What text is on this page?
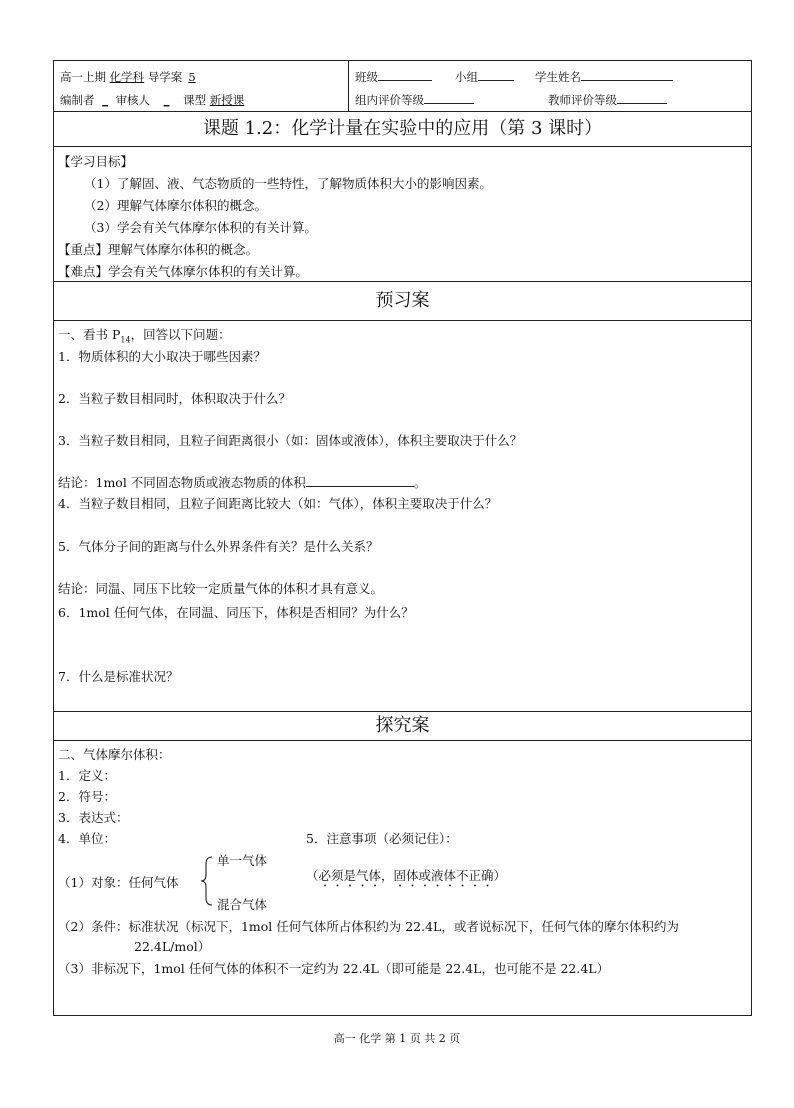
高一上期 化学科 导学案 5
编制者 _ 审核人 _ 课型 新授课
班级	小组	学生姓名
组内评价等级	教师评价等级
课题 1.2：化学计量在实验中的应用（第 3 课时）
【学习目标】
（1）了解固、液、气态物质的一些特性，了解物质体积大小的影响因素。
（2）理解气体摩尔体积的概念。
（3）学会有关气体摩尔体积的有关计算。
【重点】理解气体摩尔体积的概念。
【难点】学会有关气体摩尔体积的有关计算。
预习案
一、看书 $P_{14}$，回答以下问题：
1．物质体积的大小取决于哪些因素？
2．当粒子数目相同时，体积取决于什么？
3．当粒子数目相同，且粒子间距离很小（如：固体或液体），体积主要取决于什么？
结论：1mol 不同固态物质或液态物质的体积	。
4．当粒子数目相同，且粒子间距离比较大（如：气体），体积主要取决于什么？
5．气体分子间的距离与什么外界条件有关？是什么关系？
结论：同温、同压下比较一定质量气体的体积才具有意义。
6．1mol 任何气体，在同温、同压下，体积是否相同？为什么？
7．什么是标准状况？
探究案
二、气体摩尔体积：
1．定义：
2．符号：
3．表达式：
4．单位：	5．注意事项（必须记住）：
单一气体
（1）对象：任何气体
混合气体
（必须是气体，固体或液体不正确）
（2）条件：标准状况（标况下，1mol 任何气体所占体积约为 22.4L，或者说标况下，任何气体的摩尔体积约为
22.4L/mol）
（3）非标况下，1mol 任何气体的体积不一定约为 22.4L（即可能是 22.4L，也可能不是 22.4L）
高一 化学 第 1 页 共 2 页
